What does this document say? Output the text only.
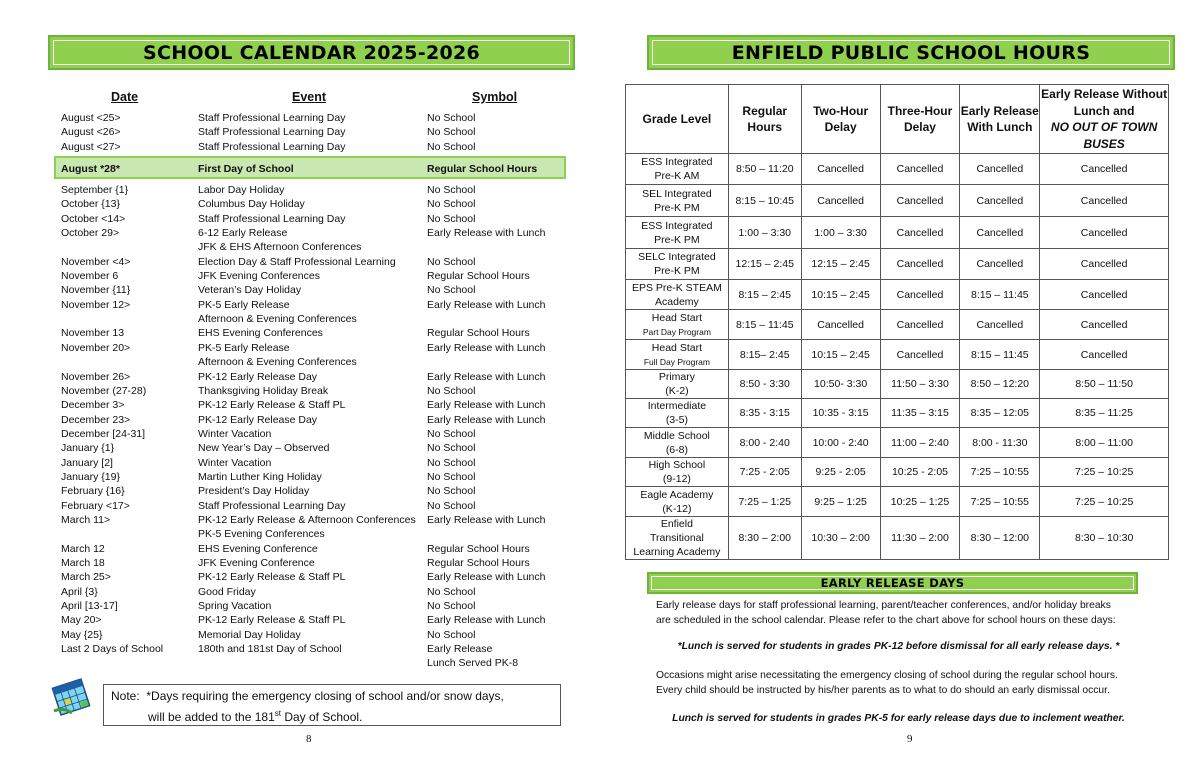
SCHOOL CALENDAR 2025-2026
Date	Event	Symbol
August <25>	Staff Professional Learning Day	No School
August <26>	Staff Professional Learning Day	No School
August <27>	Staff Professional Learning Day	No School
August *28*	First Day of School	Regular School Hours
September {1}	Labor Day Holiday	No School
October {13}	Columbus Day Holiday	No School
October <14>	Staff Professional Learning Day	No School
October 29>	6-12 Early Release	Early Release with Lunch
JFK & EHS Afternoon Conferences
November <4>	Election Day & Staff Professional Learning	No School
November 6	JFK Evening Conferences	Regular School Hours
November {11}	Veteran’s Day Holiday	No School
November 12>	PK-5 Early Release	Early Release with Lunch
Afternoon & Evening Conferences
November 13	EHS Evening Conferences	Regular School Hours
November 20>	PK-5 Early Release	Early Release with Lunch
Afternoon & Evening Conferences
November 26>	PK-12 Early Release Day	Early Release with Lunch
November (27-28)	Thanksgiving Holiday Break	No School
December 3>	PK-12 Early Release & Staff PL	Early Release with Lunch
December 23>	PK-12 Early Release Day	Early Release with Lunch
December [24-31]	Winter Vacation	No School
January {1}	New Year’s Day – Observed	No School
January [2]	Winter Vacation	No School
January {19}	Martin Luther King Holiday	No School
February {16}	President’s Day Holiday	No School
February <17>	Staff Professional Learning Day	No School
March 11>	PK-12 Early Release & Afternoon Conferences Early Release with Lunch
PK-5 Evening Conferences
March 12	EHS Evening Conference	Regular School Hours
March 18	JFK Evening Conference	Regular School Hours
March 25>	PK-12 Early Release & Staff PL	Early Release with Lunch
April {3}	Good Friday	No School
April [13-17]	Spring Vacation	No School
May 20>	PK-12 Early Release & Staff PL	Early Release with Lunch
May {25}	Memorial Day Holiday	No School
Last 2 Days of School	180th and 181st Day of School	Early Release
Lunch Served PK-8
Note: *Days requiring the emergency closing of school and/or snow days,
will be added to the 181st Day of School.
8
ENFIELD PUBLIC SCHOOL HOURS
Grade Level	Regular Hours	Two-Hour Delay	Three-Hour Delay	Early Release With Lunch	Early Release Without Lunch and
NO OUT OF TOWN BUSES

ESS Integrated
Pre-K AM	8:50 – 11:20	Cancelled	Cancelled	Cancelled	Cancelled

SEL Integrated
Pre-K PM	8:15 – 10:45	Cancelled	Cancelled	Cancelled	Cancelled

ESS Integrated
Pre-K PM	1:00 – 3:30	1:00 – 3:30	Cancelled	Cancelled	Cancelled

SELC Integrated
Pre-K PM	12:15 – 2:45	12:15 – 2:45	Cancelled	Cancelled	Cancelled

EPS Pre-K STEAM
Academy	8:15 – 2:45	10:15 – 2:45	Cancelled	8:15 – 11:45	Cancelled

Head Start
Part Day Program	8:15 – 11:45	Cancelled	Cancelled	Cancelled	Cancelled

Head Start
Full Day Program	8:15– 2:45	10:15 – 2:45	Cancelled	8:15 – 11:45	Cancelled

Primary
(K-2)	8:50 - 3:30	10:50- 3:30	11:50 – 3:30	8:50 – 12:20	8:50 – 11:50

Intermediate
(3-5)	8:35 - 3:15	10:35 - 3:15	11:35 – 3:15	8:35 – 12:05	8:35 – 11:25

Middle School
(6-8)	8:00 - 2:40	10:00 - 2:40	11:00 – 2:40	8:00 - 11:30	8:00 – 11:00

High School
(9-12)	7:25 - 2:05	9:25 - 2:05	10:25 - 2:05	7:25 – 10:55	7:25 – 10:25

Eagle Academy
(K-12)	7:25 – 1:25	9:25 – 1:25	10:25 – 1:25	7:25 – 10:55	7:25 – 10:25

Enfield
Transitional
Learning Academy	8:30 – 2:00	10:30 – 2:00	11:30 – 2:00	8:30 – 12:00	8:30 – 10:30
EARLY RELEASE DAYS
Early release days for staff professional learning, parent/teacher conferences, and/or holiday breaks
are scheduled in the school calendar. Please refer to the chart above for school hours on these days:
*Lunch is served for students in grades PK-12 before dismissal for all early release days. *
Occasions might arise necessitating the emergency closing of school during the regular school hours.
Every child should be instructed by his/her parents as to what to do should an early dismissal occur.
Lunch is served for students in grades PK-5 for early release days due to inclement weather.
9
